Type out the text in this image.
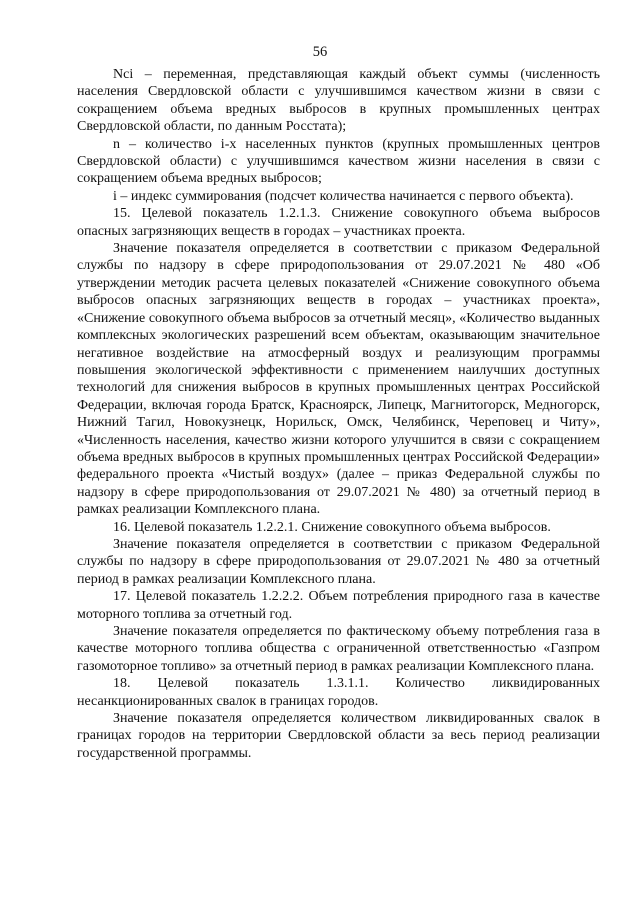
56

Nci – переменная, представляющая каждый объект суммы (численность населения Свердловской области с улучшившимся качеством жизни в связи с сокращением объема вредных выбросов в крупных промышленных центрах Свердловской области, по данным Росстата);

n – количество i-х населенных пунктов (крупных промышленных центров Свердловской области) с улучшившимся качеством жизни населения в связи с сокращением объема вредных выбросов;

i – индекс суммирования (подсчет количества начинается с первого объекта).

15. Целевой показатель 1.2.1.3. Снижение совокупного объема выбросов опасных загрязняющих веществ в городах – участниках проекта.

Значение показателя определяется в соответствии с приказом Федеральной службы по надзору в сфере природопользования от 29.07.2021 № 480 «Об утверждении методик расчета целевых показателей «Снижение совокупного объема выбросов опасных загрязняющих веществ в городах – участниках проекта», «Снижение совокупного объема выбросов за отчетный месяц», «Количество выданных комплексных экологических разрешений всем объектам, оказывающим значительное негативное воздействие на атмосферный воздух и реализующим программы повышения экологической эффективности с применением наилучших доступных технологий для снижения выбросов в крупных промышленных центрах Российской Федерации, включая города Братск, Красноярск, Липецк, Магнитогорск, Медногорск, Нижний Тагил, Новокузнецк, Норильск, Омск, Челябинск, Череповец и Читу», «Численность населения, качество жизни которого улучшится в связи с сокращением объема вредных выбросов в крупных промышленных центрах Российской Федерации» федерального проекта «Чистый воздух» (далее – приказ Федеральной службы по надзору в сфере природопользования от 29.07.2021 № 480) за отчетный период в рамках реализации Комплексного плана.

16. Целевой показатель 1.2.2.1. Снижение совокупного объема выбросов.

Значение показателя определяется в соответствии с приказом Федеральной службы по надзору в сфере природопользования от 29.07.2021 № 480 за отчетный период в рамках реализации Комплексного плана.

17. Целевой показатель 1.2.2.2. Объем потребления природного газа в качестве моторного топлива за отчетный год.

Значение показателя определяется по фактическому объему потребления газа в качестве моторного топлива общества с ограниченной ответственностью «Газпром газомоторное топливо» за отчетный период в рамках реализации Комплексного плана.

18. Целевой показатель 1.3.1.1. Количество ликвидированных несанкционированных свалок в границах городов.

Значение показателя определяется количеством ликвидированных свалок в границах городов на территории Свердловской области за весь период реализации государственной программы.
